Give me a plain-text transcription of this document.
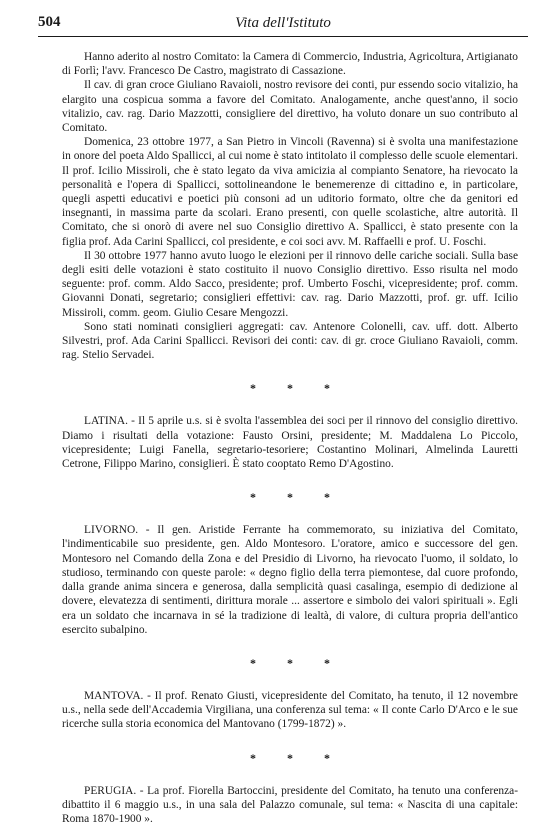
504	Vita dell'Istituto

Hanno aderito al nostro Comitato: la Camera di Commercio, Industria, Agricoltura, Artigianato di Forlì; l'avv. Francesco De Castro, magistrato di Cassazione.

Il cav. di gran croce Giuliano Ravaioli, nostro revisore dei conti, pur essendo socio vitalizio, ha elargito una cospicua somma a favore del Comitato. Analogamente, anche quest'anno, il socio vitalizio, cav. rag. Dario Mazzotti, consigliere del direttivo, ha voluto donare un suo contributo al Comitato.

Domenica, 23 ottobre 1977, a San Pietro in Vincoli (Ravenna) si è svolta una manifestazione in onore del poeta Aldo Spallicci, al cui nome è stato intitolato il complesso delle scuole elementari. Il prof. Icilio Missiroli, che è stato legato da viva amicizia al compianto Senatore, ha rievocato la personalità e l'opera di Spallicci, sottolineandone le benemerenze di cittadino e, in particolare, quegli aspetti educativi e poetici più consoni ad un uditorio formato, oltre che da genitori ed insegnanti, in massima parte da scolari. Erano presenti, con quelle scolastiche, altre autorità. Il Comitato, che si onorò di avere nel suo Consiglio direttivo A. Spallicci, è stato presente con la figlia prof. Ada Carini Spallicci, col presidente, e coi soci avv. M. Raffaelli e prof. U. Foschi.

Il 30 ottobre 1977 hanno avuto luogo le elezioni per il rinnovo delle cariche sociali. Sulla base degli esiti delle votazioni è stato costituito il nuovo Consiglio direttivo. Esso risulta nel modo seguente: prof. comm. Aldo Sacco, presidente; prof. Umberto Foschi, vicepresidente; prof. comm. Giovanni Donati, segretario; consiglieri effettivi: cav. rag. Dario Mazzotti, prof. gr. uff. Icilio Missiroli, comm. geom. Giulio Cesare Mengozzi.

Sono stati nominati consiglieri aggregati: cav. Antenore Colonelli, cav. uff. dott. Alberto Silvestri, prof. Ada Carini Spallicci. Revisori dei conti: cav. di gr. croce Giuliano Ravaioli, comm. rag. Stelio Servadei.

* * *

LATINA. - Il 5 aprile u.s. si è svolta l'assemblea dei soci per il rinnovo del consiglio direttivo. Diamo i risultati della votazione: Fausto Orsini, presidente; M. Maddalena Lo Piccolo, vicepresidente; Luigi Fanella, segretario-tesoriere; Costantino Molinari, Almelinda Lauretti Cetrone, Filippo Marino, consiglieri. È stato cooptato Remo D'Agostino.

* * *

LIVORNO. - Il gen. Aristide Ferrante ha commemorato, su iniziativa del Comitato, l'indimenticabile suo presidente, gen. Aldo Montesoro. L'oratore, amico e successore del gen. Montesoro nel Comando della Zona e del Presidio di Livorno, ha rievocato l'uomo, il soldato, lo studioso, terminando con queste parole: « degno figlio della terra piemontese, dal cuore profondo, dalla grande anima sincera e generosa, dalla semplicità quasi casalinga, esempio di dedizione al dovere, elevatezza di sentimenti, dirittura morale ... assertore e simbolo dei valori spirituali ». Egli era un soldato che incarnava in sé la tradizione di lealtà, di valore, di cultura propria dell'antico esercito subalpino.

* * *

MANTOVA. - Il prof. Renato Giusti, vicepresidente del Comitato, ha tenuto, il 12 novembre u.s., nella sede dell'Accademia Virgiliana, una conferenza sul tema: « Il conte Carlo D'Arco e le sue ricerche sulla storia economica del Mantovano (1799-1872) ».

* * *

PERUGIA. - La prof. Fiorella Bartoccini, presidente del Comitato, ha tenuto una conferenza-dibattito il 6 maggio u.s., in una sala del Palazzo comunale, sul tema: « Nascita di una capitale: Roma 1870-1900 ».
